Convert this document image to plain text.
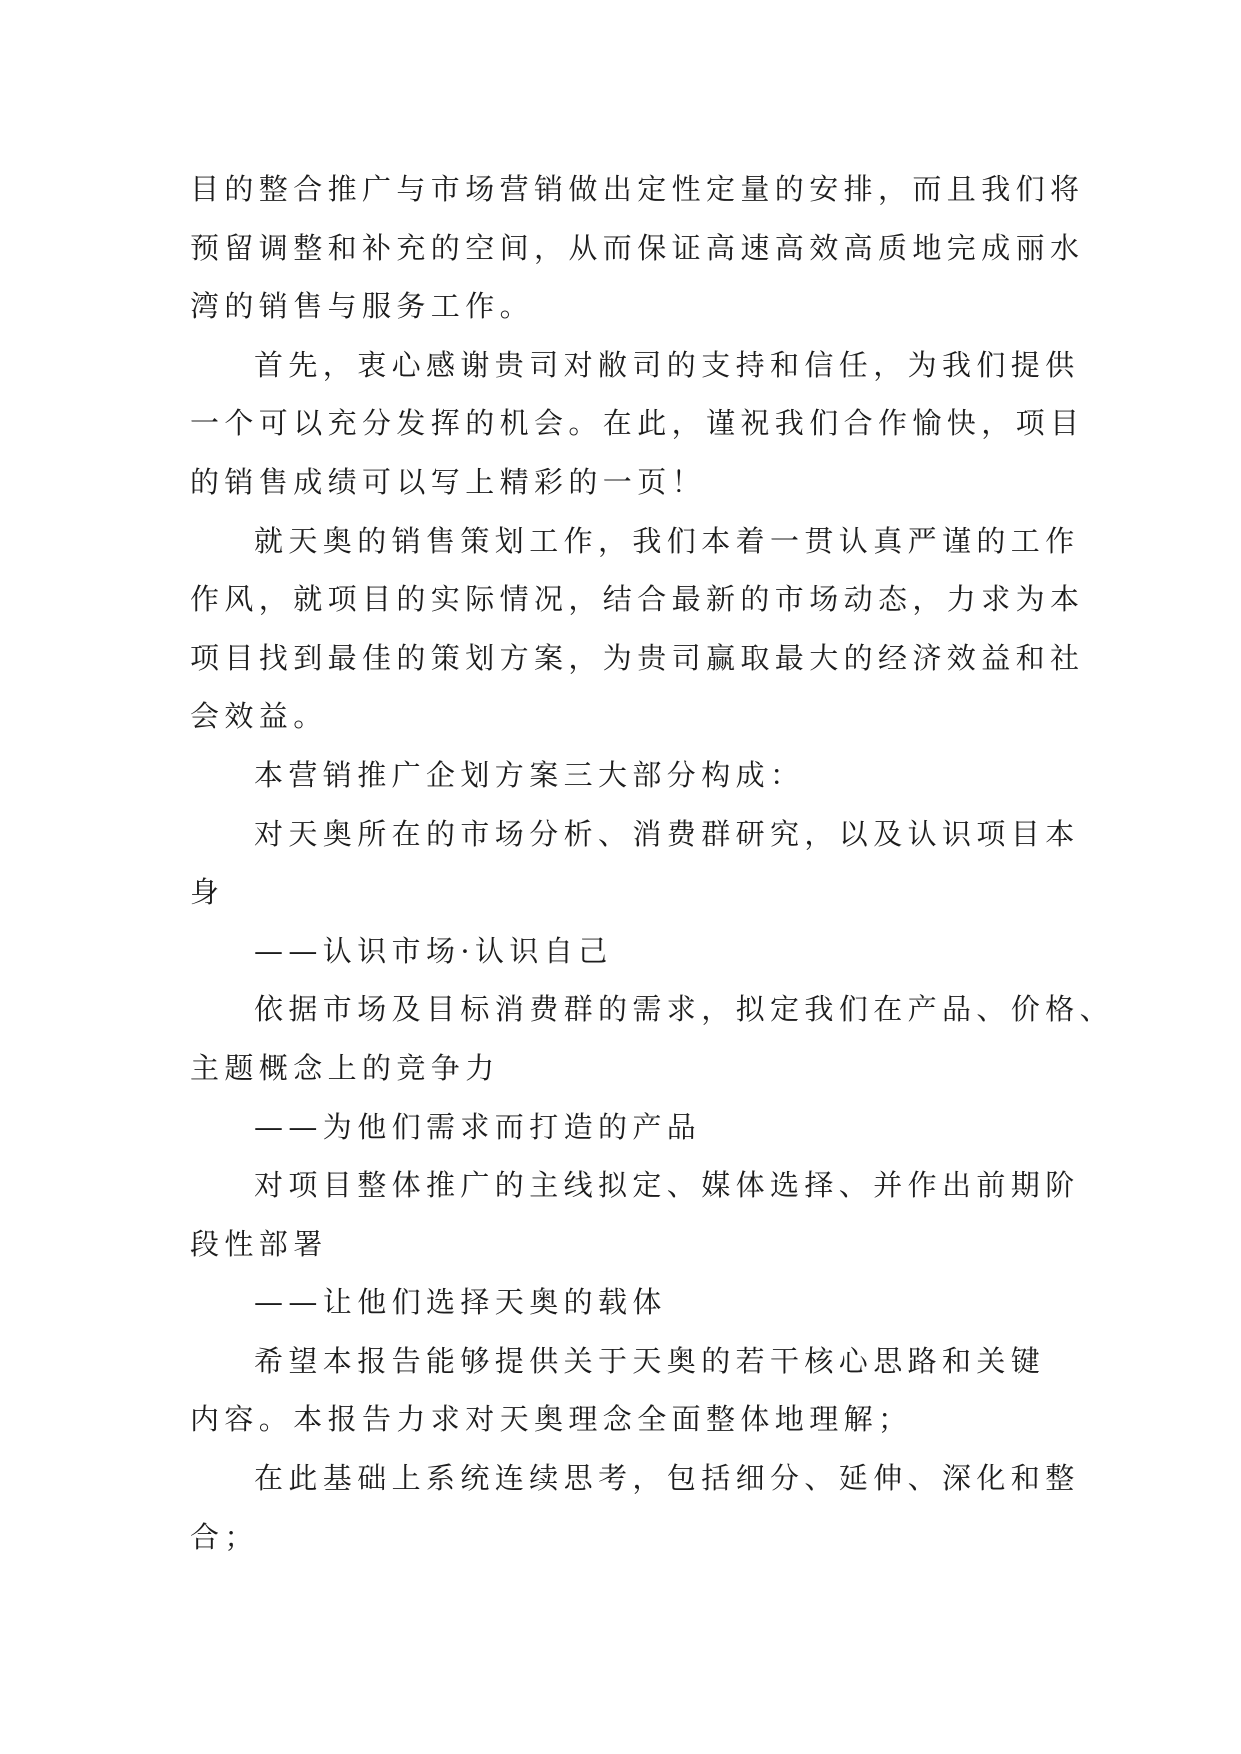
目的整合推广与市场营销做出定性定量的安排，而且我们将
预留调整和补充的空间，从而保证高速高效高质地完成丽水
湾的销售与服务工作。
首先，衷心感谢贵司对敝司的支持和信任，为我们提供
一个可以充分发挥的机会。在此，谨祝我们合作愉快，项目
的销售成绩可以写上精彩的一页！
就天奥的销售策划工作，我们本着一贯认真严谨的工作
作风，就项目的实际情况，结合最新的市场动态，力求为本
项目找到最佳的策划方案，为贵司赢取最大的经济效益和社
会效益。
本营销推广企划方案三大部分构成：
对天奥所在的市场分析、消费群研究，以及认识项目本
身
——认识市场·认识自己
依据市场及目标消费群的需求，拟定我们在产品、价格、
主题概念上的竞争力
——为他们需求而打造的产品
对项目整体推广的主线拟定、媒体选择、并作出前期阶
段性部署
——让他们选择天奥的载体
希望本报告能够提供关于天奥的若干核心思路和关键
内容。本报告力求对天奥理念全面整体地理解；
在此基础上系统连续思考，包括细分、延伸、深化和整
合；
